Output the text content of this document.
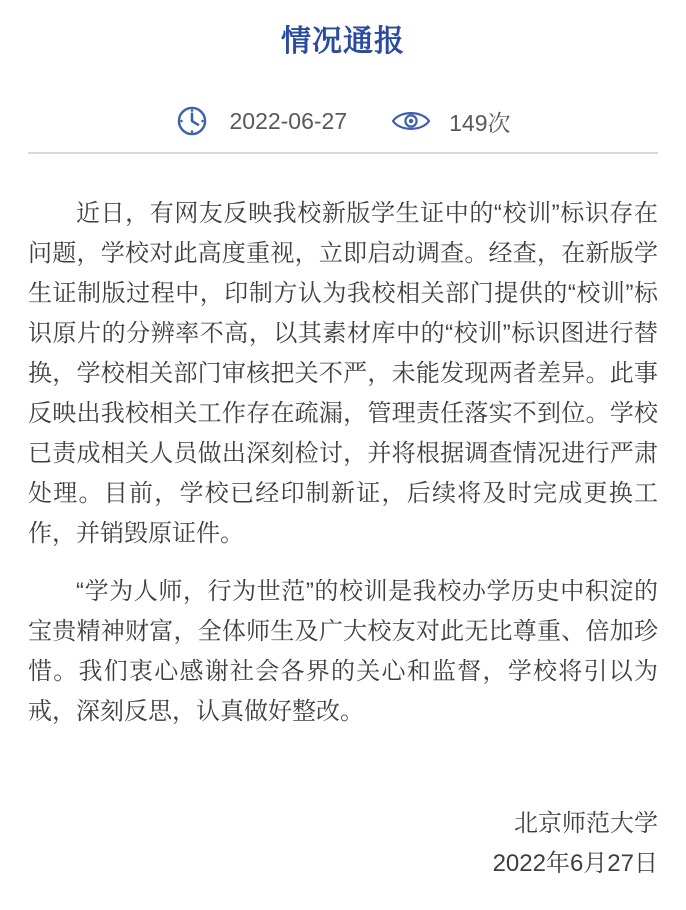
情况通报
2022-06-27	149次

近日，有网友反映我校新版学生证中的“校训”标识存在问题，学校对此高度重视，立即启动调查。经查，在新版学生证制版过程中，印制方认为我校相关部门提供的“校训”标识原片的分辨率不高，以其素材库中的“校训”标识图进行替换，学校相关部门审核把关不严，未能发现两者差异。此事反映出我校相关工作存在疏漏，管理责任落实不到位。学校已责成相关人员做出深刻检讨，并将根据调查情况进行严肃处理。目前，学校已经印制新证，后续将及时完成更换工作，并销毁原证件。

“学为人师，行为世范”的校训是我校办学历史中积淀的宝贵精神财富，全体师生及广大校友对此无比尊重、倍加珍惜。我们衷心感谢社会各界的关心和监督，学校将引以为戒，深刻反思，认真做好整改。

北京师范大学
2022年6月27日
